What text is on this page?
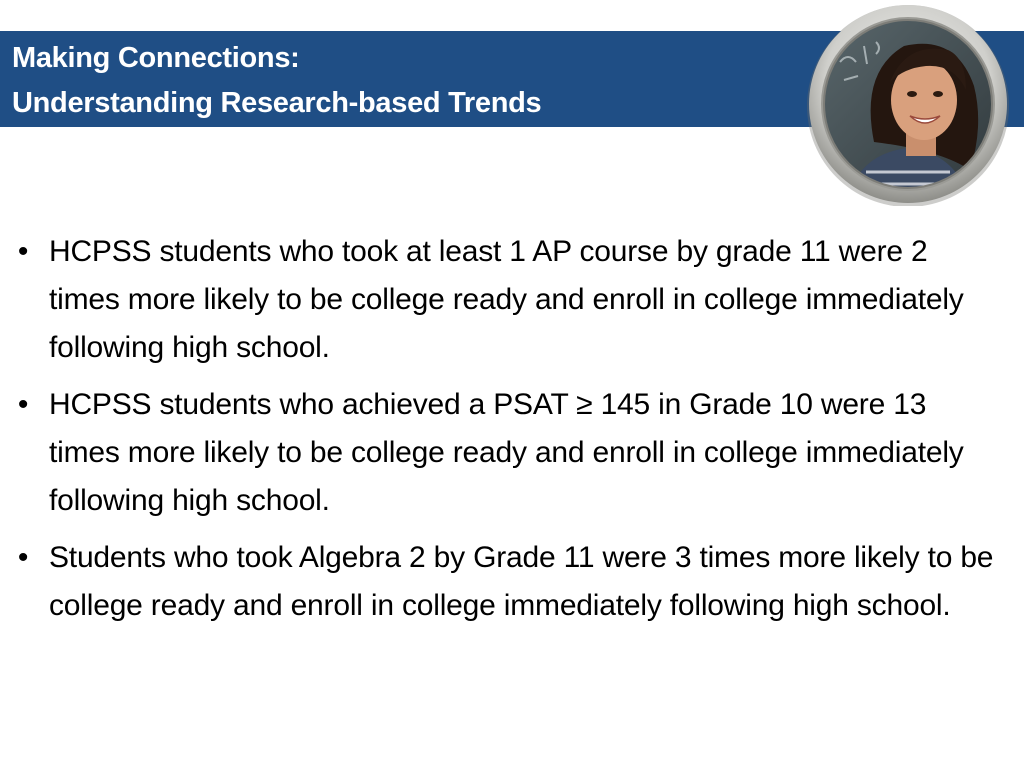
Making Connections:
Understanding Research-based Trends
• HCPSS students who took at least 1 AP course by grade 11 were 2 times more likely to be college ready and enroll in college immediately following high school.
• HCPSS students who achieved a PSAT ≥ 145 in Grade 10 were 13 times more likely to be college ready and enroll in college immediately following high school.
• Students who took Algebra 2 by Grade 11 were 3 times more likely to be college ready and enroll in college immediately following high school.
